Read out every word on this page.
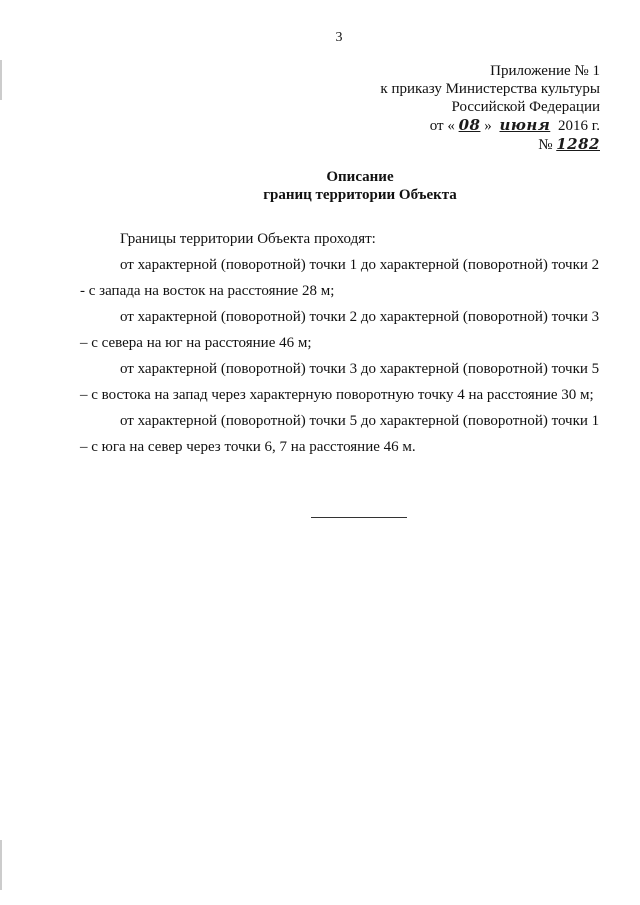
3
Приложение № 1
к приказу Министерства культуры
Российской Федерации
от « 08 » июня 2016 г.
№ 1282
Описание
границ территории Объекта

Границы территории Объекта проходят:

от характерной (поворотной) точки 1 до характерной (поворотной) точки 2

- с запада на восток на расстояние 28 м;

от характерной (поворотной) точки 2 до характерной (поворотной) точки 3

– с севера на юг на расстояние 46 м;

от характерной (поворотной) точки 3 до характерной (поворотной) точки 5

– с востока на запад через характерную поворотную точку 4 на расстояние 30 м;

от характерной (поворотной) точки 5 до характерной (поворотной) точки 1

– с юга на север через точки 6, 7 на расстояние 46 м.
